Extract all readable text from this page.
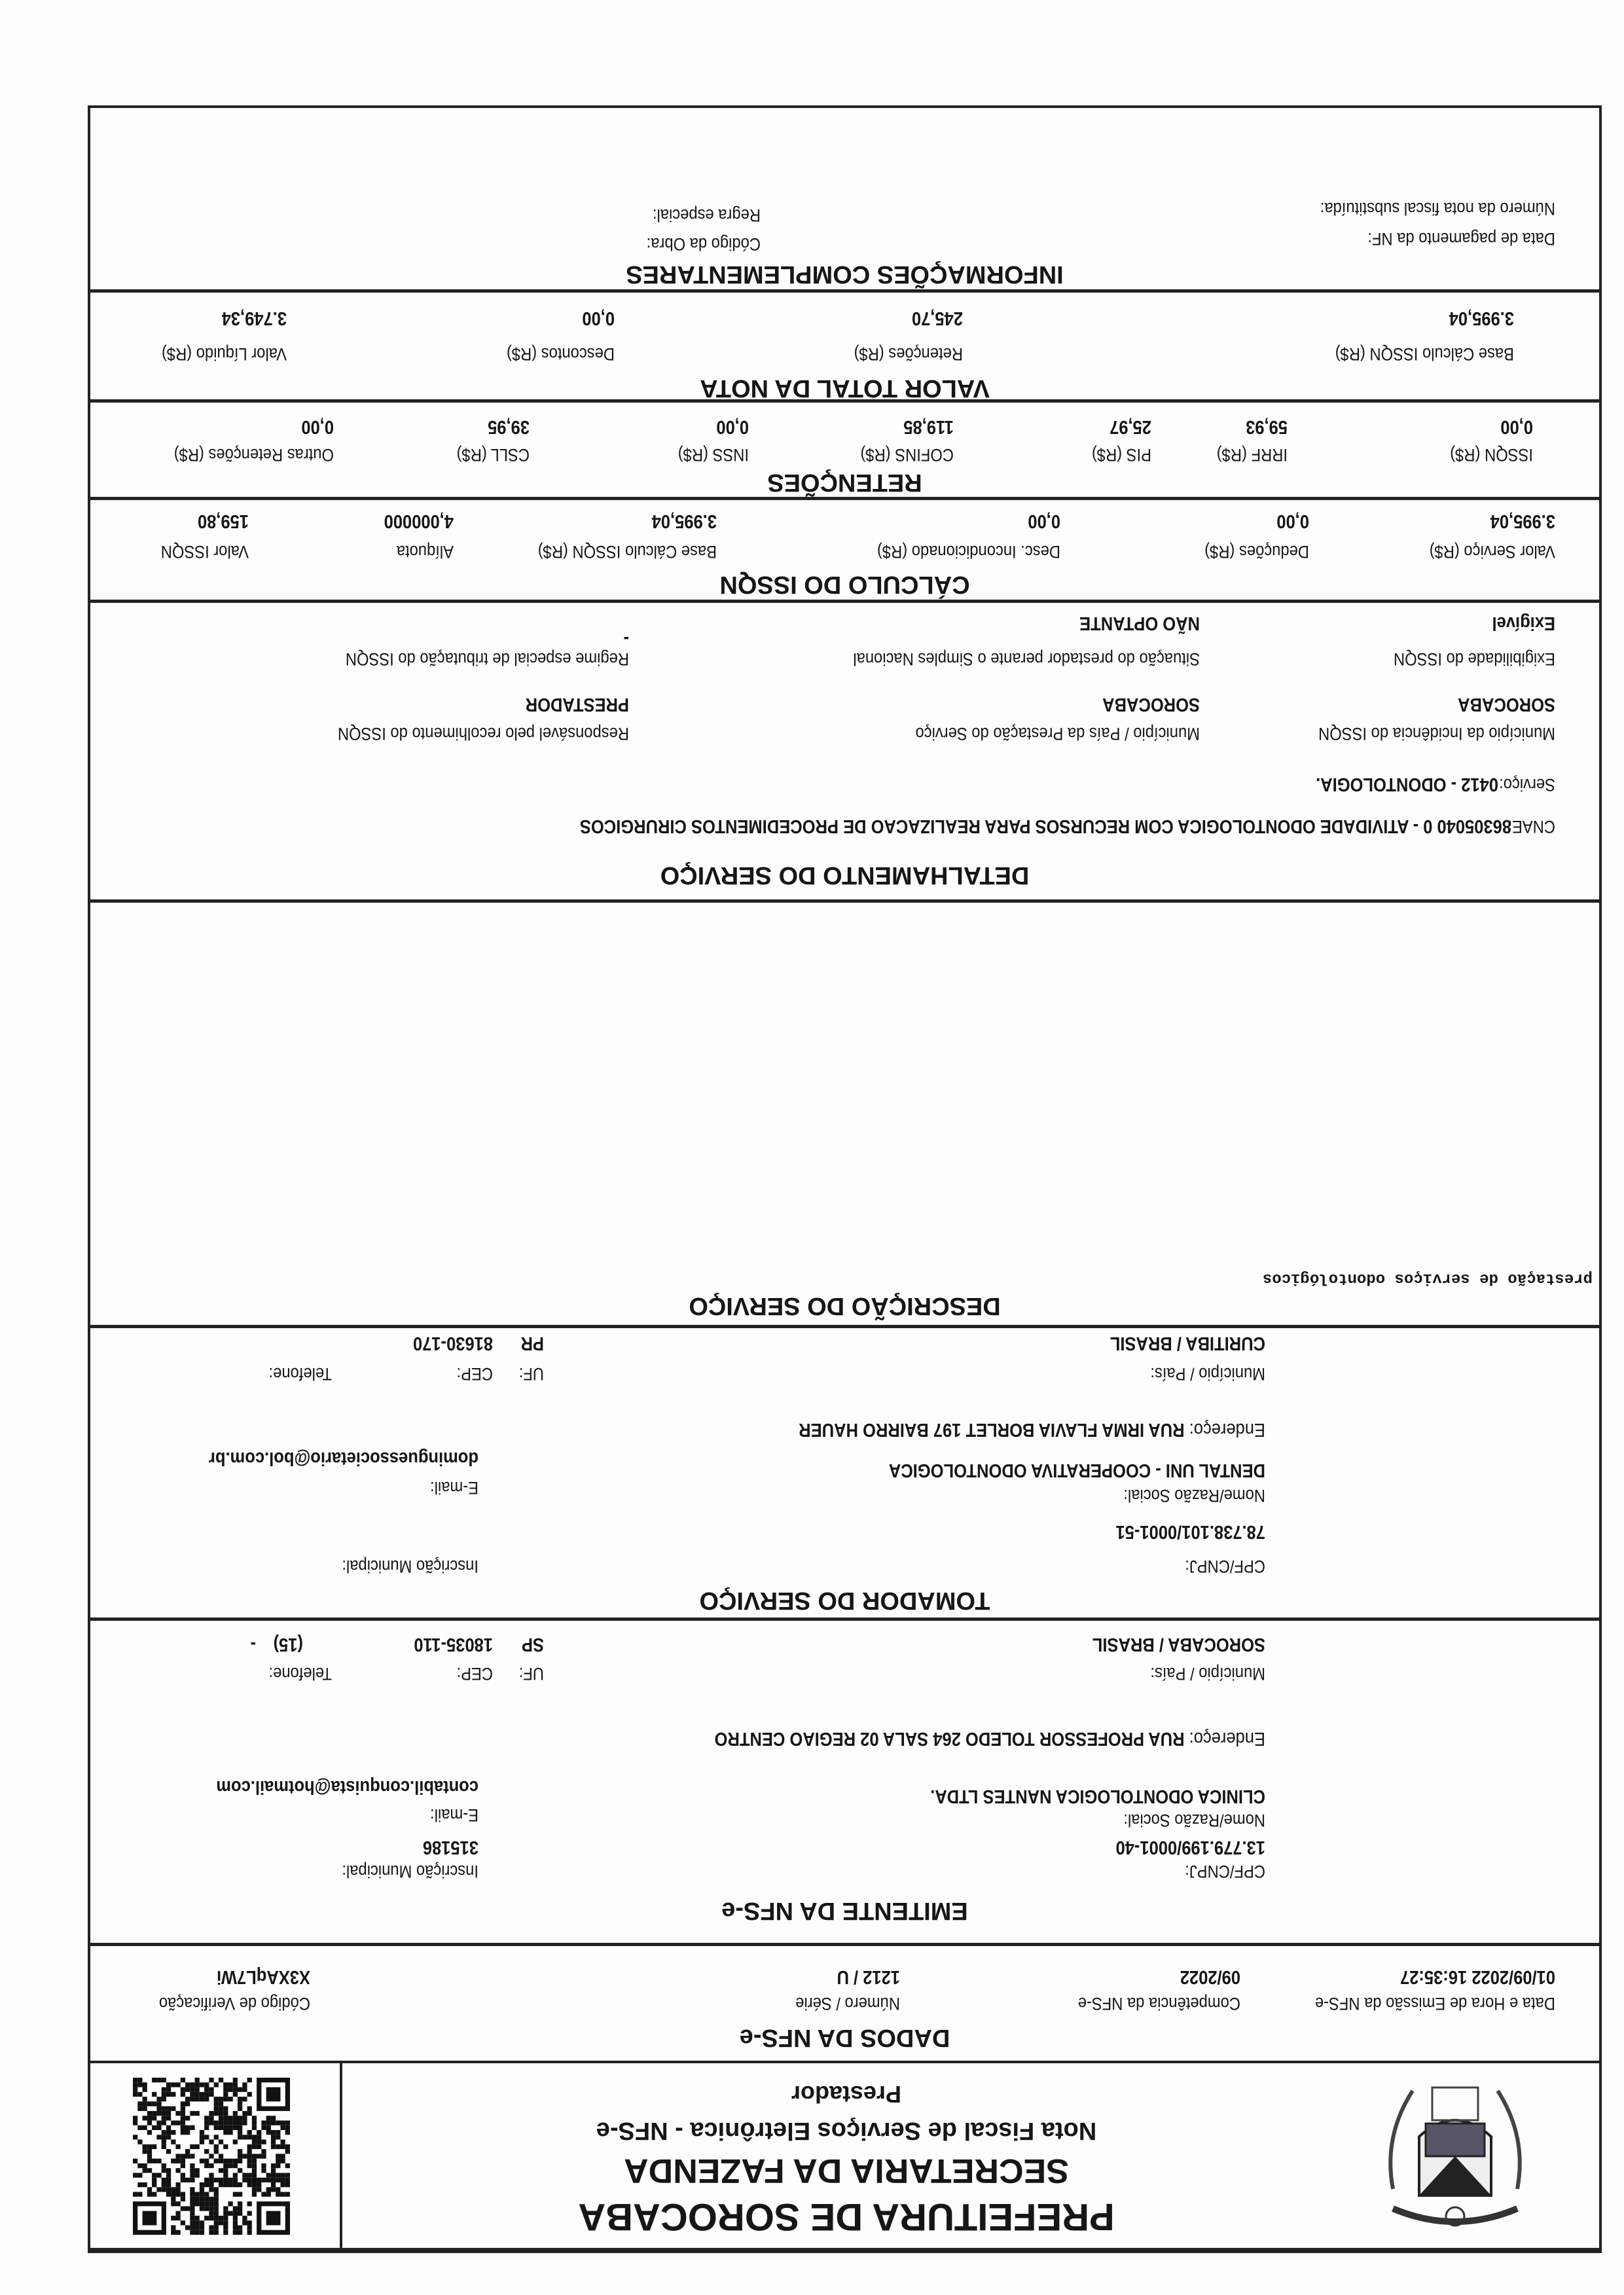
PREFEITURA DE SOROCABA
SECRETARIA DA FAZENDA
Nota Fiscal de Serviços Eletrônica - NFS-e
Prestador
DADOS DA NFS-e
Data e Hora de Emissão da NFS-e
01/09/2022 16:35:27
Competência da NFS-e
09/2022
Número / Série
1212 / U
Código de Verificação
X3XAqL7Wi
EMITENTE DA NFS-e
CPF/CNPJ:
13.779.199/0001-40
Inscrição Municipal:
315186
Nome/Razão Social:
CLINICA ODONTOLOGICA NANTES LTDA.
E-mail:
contabil.conquista@hotmail.com
Endereço: RUA PROFESSOR TOLEDO 264 SALA 02 REGIAO CENTRO
Município / País:
SOROCABA / BRASIL
UF:
SP
CEP:
18035-110
Telefone:
(15)
-
TOMADOR DO SERVIÇO
CPF/CNPJ:
78.738.101/0001-51
Inscrição Municipal:
Nome/Razão Social:
DENTAL UNI - COOPERATIVA ODONTOLOGICA
E-mail:
dominguessocietario@bol.com.br
Endereço: RUA IRMA FLAVIA BORLET 197 BAIRRO HAUER
Município / País:
CURITIBA / BRASIL
UF:
PR
CEP:
81630-170
Telefone:
DESCRIÇÃO DO SERVIÇO
prestação de serviços odontológicos
DETALHAMENTO DO SERVIÇO
CNAE:
86305040 0 - ATIVIDADE ODONTOLOGICA COM RECURSOS PARA REALIZACAO DE PROCEDIMENTOS CIRURGICOS
Serviço:
0412 - ODONTOLOGIA.
Município da Incidência do ISSQN
SOROCABA
Município / País da Prestação do Serviço
SOROCABA
Responsável pelo recolhimento do ISSQN
PRESTADOR
Exigibilidade do ISSQN
Exigível
Situação do prestador perante o Simples Nacional
NÃO OPTANTE
Regime especial de tributação do ISSQN
-
CÁLCULO DO ISSQN
Valor Serviço (R$)
3.995,04
Deduções (R$)
0,00
Desc. Incondicionado (R$)
0,00
Base Cálculo ISSQN (R$)
3.995,04
Alíquota
4,000000
Valor ISSQN
159,80
RETENÇÕES
ISSQN (R$)
0,00
IRRF (R$)
59,93
PIS (R$)
25,97
COFINS (R$)
119,85
INSS (R$)
0,00
CSLL (R$)
39,95
Outras Retenções (R$)
0,00
VALOR TOTAL DA NOTA
Base Cálculo ISSQN (R$)
3.995,04
Retenções (R$)
245,70
Descontos (R$)
0,00
Valor Líquido (R$)
3.749,34
INFORMAÇÕES COMPLEMENTARES
Data de pagamento da NF:
Código da Obra:
Número da nota fiscal substituída:
Regra especial:
